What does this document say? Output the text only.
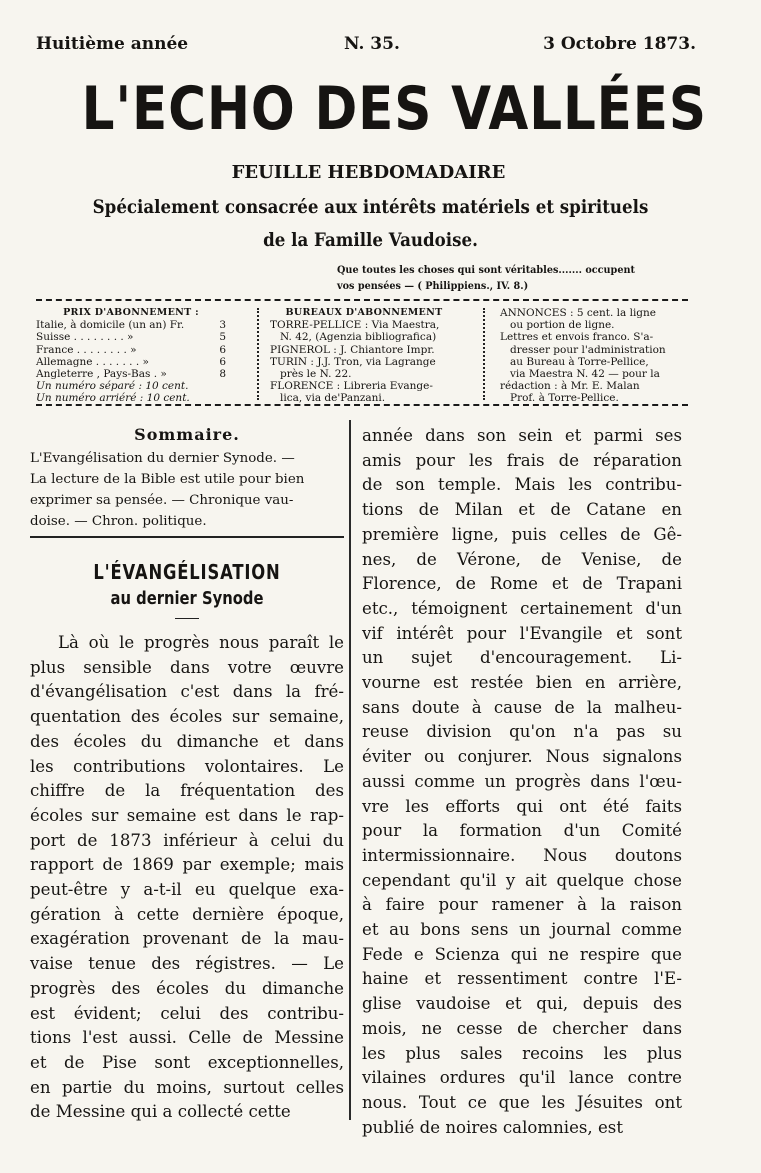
Huitième année	N. 35.	3 Octobre 1873.
L'ECHO DES VALLÉES
FEUILLE HEBDOMADAIRE
Spécialement consacrée aux intérêts matériels et spirituels
de la Famille Vaudoise.
Que toutes les choses qui sont véritables....... occupent
vos pensées — ( Philippiens., IV. 8.)
PRIX D'ABONNEMENT :
Italie, à domicile (un an) Fr.	3
Suisse . . . . . . . . »	5
France . . . . . . . . »	6
Allemagne . . . . . . . »	6
Angleterre , Pays-Bas . »	8
Un numéro séparé : 10 cent.
Un numéro arriéré : 10 cent.
BUREAUX D'ABONNEMENT
TORRE-PELLICE : Via Maestra,
N. 42, (Agenzia bibliografica)
PIGNEROL : J. Chiantore Impr.
TURIN : J.J. Tron, via Lagrange
près le N. 22.
FLORENCE : Libreria Evange-
lica, via de'Panzani.
ANNONCES : 5 cent. la ligne
ou portion de ligne.
Lettres et envois franco. S'a-
dresser pour l'administration
au Bureau à Torre-Pellice,
via Maestra N. 42 — pour la
rédaction : à Mr. E. Malan
Prof. à Torre-Pellice.
Sommaire.
L'Evangélisation du dernier Synode. —
La lecture de la Bible est utile pour bien
exprimer sa pensée. — Chronique vau-
doise. — Chron. politique.
L'ÉVANGÉLISATION
au dernier Synode
Là où le progrès nous paraît le
plus sensible dans votre œuvre
d'évangélisation c'est dans la fré-
quentation des écoles sur semaine,
des écoles du dimanche et dans
les contributions volontaires. Le
chiffre de la fréquentation des
écoles sur semaine est dans le rap-
port de 1873 inférieur à celui du
rapport de 1869 par exemple; mais
peut-être y a-t-il eu quelque exa-
gération à cette dernière époque,
exagération provenant de la mau-
vaise tenue des régistres. — Le
progrès des écoles du dimanche
est évident; celui des contribu-
tions l'est aussi. Celle de Messine
et de Pise sont exceptionnelles,
en partie du moins, surtout celles
de Messine qui a collecté cette
année dans son sein et parmi ses
amis pour les frais de réparation
de son temple. Mais les contribu-
tions de Milan et de Catane en
première ligne, puis celles de Gê-
nes, de Vérone, de Venise, de
Florence, de Rome et de Trapani
etc., témoignent certainement d'un
vif intérêt pour l'Evangile et sont
un sujet d'encouragement. Li-
vourne est restée bien en arrière,
sans doute à cause de la malheu-
reuse division qu'on n'a pas su
éviter ou conjurer. Nous signalons
aussi comme un progrès dans l'œu-
vre les efforts qui ont été faits
pour la formation d'un Comité
intermissionnaire. Nous doutons
cependant qu'il y ait quelque chose
à faire pour ramener à la raison
et au bons sens un journal comme
Fede e Scienza qui ne respire que
haine et ressentiment contre l'E-
glise vaudoise et qui, depuis des
mois, ne cesse de chercher dans
les plus sales recoins les plus
vilaines ordures qu'il lance contre
nous. Tout ce que les Jésuites ont
publié de noires calomnies, est
